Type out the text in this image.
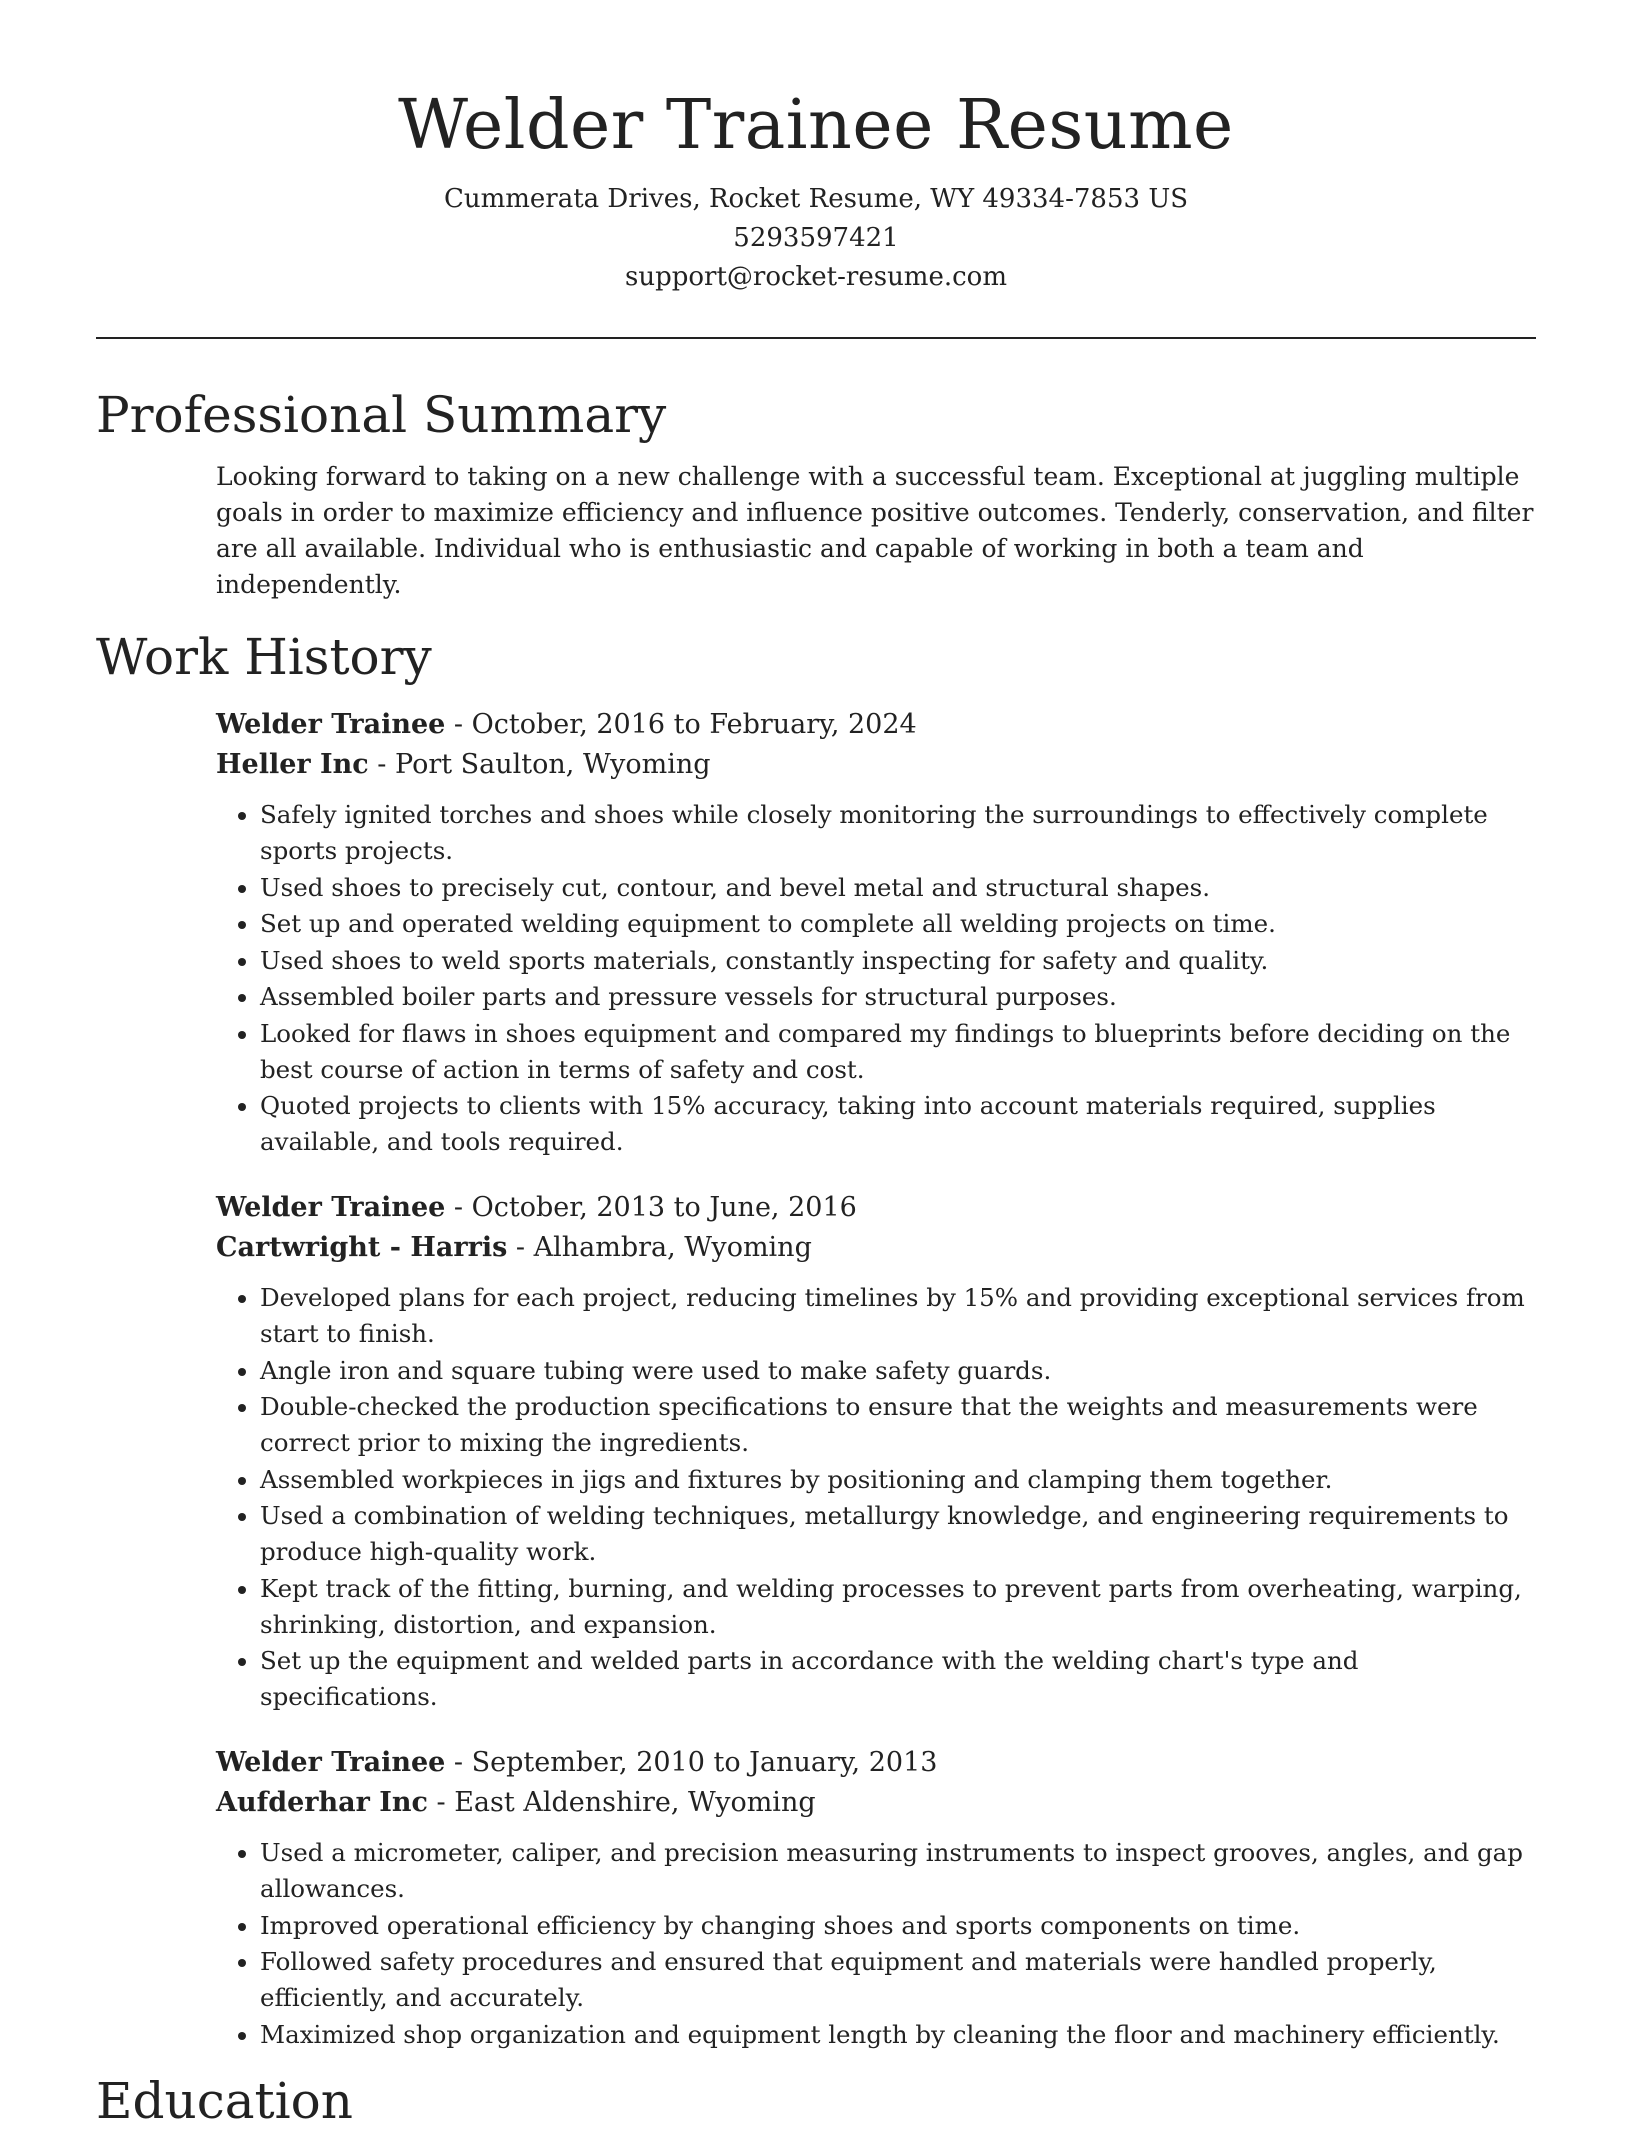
Welder Trainee Resume
Cummerata Drives, Rocket Resume, WY 49334-7853 US
5293597421
support@rocket-resume.com
Professional Summary

Looking forward to taking on a new challenge with a successful team. Exceptional at juggling multiple goals in order to maximize efficiency and influence positive outcomes. Tenderly, conservation, and filter are all available. Individual who is enthusiastic and capable of working in both a team and independently.

Work History
Welder Trainee - October, 2016 to February, 2024
Heller Inc - Port Saulton, Wyoming
• Safely ignited torches and shoes while closely monitoring the surroundings to effectively complete sports projects.
• Used shoes to precisely cut, contour, and bevel metal and structural shapes.
• Set up and operated welding equipment to complete all welding projects on time.
• Used shoes to weld sports materials, constantly inspecting for safety and quality.
• Assembled boiler parts and pressure vessels for structural purposes.
• Looked for flaws in shoes equipment and compared my findings to blueprints before deciding on the best course of action in terms of safety and cost.
• Quoted projects to clients with 15% accuracy, taking into account materials required, supplies available, and tools required.
Welder Trainee - October, 2013 to June, 2016
Cartwright - Harris - Alhambra, Wyoming
• Developed plans for each project, reducing timelines by 15% and providing exceptional services from start to finish.
• Angle iron and square tubing were used to make safety guards.
• Double-checked the production specifications to ensure that the weights and measurements were correct prior to mixing the ingredients.
• Assembled workpieces in jigs and fixtures by positioning and clamping them together.
• Used a combination of welding techniques, metallurgy knowledge, and engineering requirements to produce high-quality work.
• Kept track of the fitting, burning, and welding processes to prevent parts from overheating, warping, shrinking, distortion, and expansion.
• Set up the equipment and welded parts in accordance with the welding chart's type and specifications.
Welder Trainee - September, 2010 to January, 2013
Aufderhar Inc - East Aldenshire, Wyoming
• Used a micrometer, caliper, and precision measuring instruments to inspect grooves, angles, and gap allowances.
• Improved operational efficiency by changing shoes and sports components on time.
• Followed safety procedures and ensured that equipment and materials were handled properly, efficiently, and accurately.
• Maximized shop organization and equipment length by cleaning the floor and machinery efficiently.
Education
